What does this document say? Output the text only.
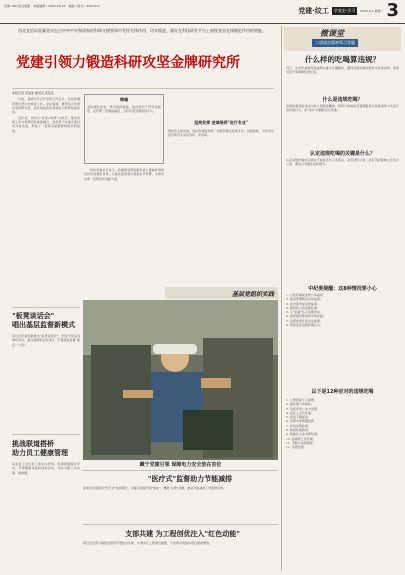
党建·Y.NK 报业集团 · 本版编辑 / 2023-03-23 · 美编 / 版式 / 2023-6-1
党建·纹工	学党史·学习	2025.3.2 星期一 3
西北宜信局直属党员在日中央中央和国家的科研支撑要事中发挥先锋作用，切实推进，做好在科技研发平台上展现党员先锋模范作用的效能。
党建引领力锻造科研攻坚金牌研究所
本报记者 某某某 通讯员 某某某

日前，某研究所召开党建工作会议，总结部署科研攻坚中的党建工作。会议强调，要坚持以党建引领科研攻坚，把党的政治优势转化为科研发展优势。

近年来，该所以"党建+科研"为抓手，推动党建工作与科研任务深度融合，党员骨干在重大项目中冲锋在前，形成了一批具有重要影响的科研成果。

铸魂
坚持理论武装，筑牢信仰根基，推动党员干部学思践悟，在科研一线勇挑重担，当好攻坚克难的排头兵。

该所党委书记表示，将继续发挥党组织战斗堡垒作用和党员先锋模范作用，以高质量党建引领高水平科研，为建设世界一流研究所贡献力量。

坚持发挥 进域培养"攻行专业"
围绕中心抓党建，抓好党建促科研。党组织通过搭建平台、创新载体，引导党员在科研攻关中亮身份、作表率。
基层党组织实践
藏于党建引领 保障电力安全放在首位
"板凳谈话会"
唱出基层监督新模式
某社区纪委创新推出"板凳谈话会"，纪检干部走进群众身边，面对面倾听意见建议，打通基层监督"最后一公里"。
挑战联道搭桥
助力员工健康管理
某企业工会以员工需求为导向，搭建健康服务平台，开展健康讲座和体检活动，切实为职工办实事、解难题。
"医疗式"监督助力节能减排
某单位纪委探索"医疗式"监督模式，对重点领域开展"体检"，精准"诊断"问题，推动节能减排工作落地见效。
支部共建 为工程创优注入"红色动能"
项目党支部与属地党组织开展结对共建，共商共议工程建设难题，以党建共建推动项目提质增效。
微课堂
八項規定精神學习答題
什么样的吃喝算违规？
近日，中央纪委国家监委网站推出专题解读，围绕违规吃喝问题作出系统说明，帮助党员干部明晰纪律红线。
什么是违规吃喝？
违规吃喝是指违反中央八项规定精神，利用公款或接受管理服务对象宴请等方式进行的吃喝行为，是"四风"问题的突出表现。
认定违规吃喝的关键是什么？
认定违规吃喝的关键在于看是否与公务相关、是否使用公款、是否可能影响公正执行公务，要综合考量性质和情节。
中纪委提醒：这8种情况要小心
1. 公款吃喝或违规公务接待；
2. 接受管理服务对象宴请；
3. 在内部食堂违规宴请；
4. 借培训之机违规吃喝；
5. 以"家宴"名义违规吃喝；
6. 违规组织参加同学同乡宴；
7. 违规接受私营企业宴请；
8. 隐形变异违规吃喝行为。
以下是12种应对的违规吃喝
1. 公款报销个人餐费；
2. 超标准公务接待；
3. 违规使用公务卡消费；
4. 在私人会所吃喝；
5. 接受下属宴请；
6. 化整为零规避监管；
7. 异地违规吃喝；
8. 转嫁吃喝费用；
9. 隐匿在企业内部吃喝；
10. 借调研之名吃喝；
11. 节假日违规聚餐；
12. 违规饮酒。
